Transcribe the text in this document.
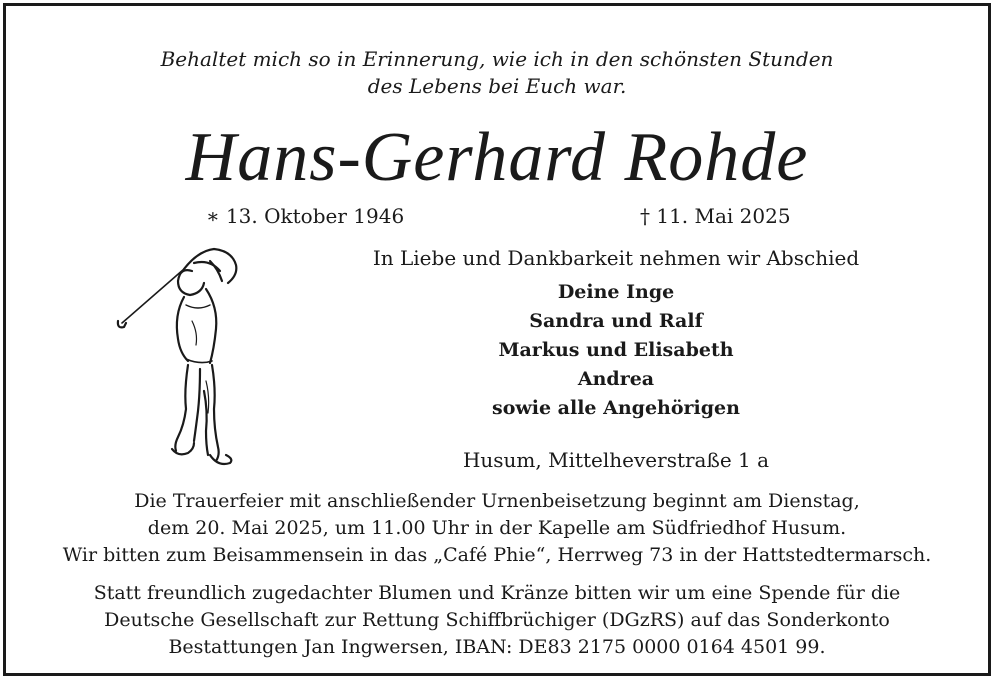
Behaltet mich so in Erinnerung, wie ich in den schönsten Stunden
des Lebens bei Euch war.
Hans-Gerhard Rohde
∗ 13. Oktober 1946	† 11. Mai 2025
In Liebe und Dankbarkeit nehmen wir Abschied
Deine Inge
Sandra und Ralf
Markus und Elisabeth
Andrea
sowie alle Angehörigen
Husum, Mittelheverstraße 1 a
Die Trauerfeier mit anschließender Urnenbeisetzung beginnt am Dienstag,
dem 20. Mai 2025, um 11.00 Uhr in der Kapelle am Südfriedhof Husum.
Wir bitten zum Beisammensein in das „Café Phie“, Herrweg 73 in der Hattstedtermarsch.
Statt freundlich zugedachter Blumen und Kränze bitten wir um eine Spende für die
Deutsche Gesellschaft zur Rettung Schiffbrüchiger (DGzRS) auf das Sonderkonto
Bestattungen Jan Ingwersen, IBAN: DE83 2175 0000 0164 4501 99.
